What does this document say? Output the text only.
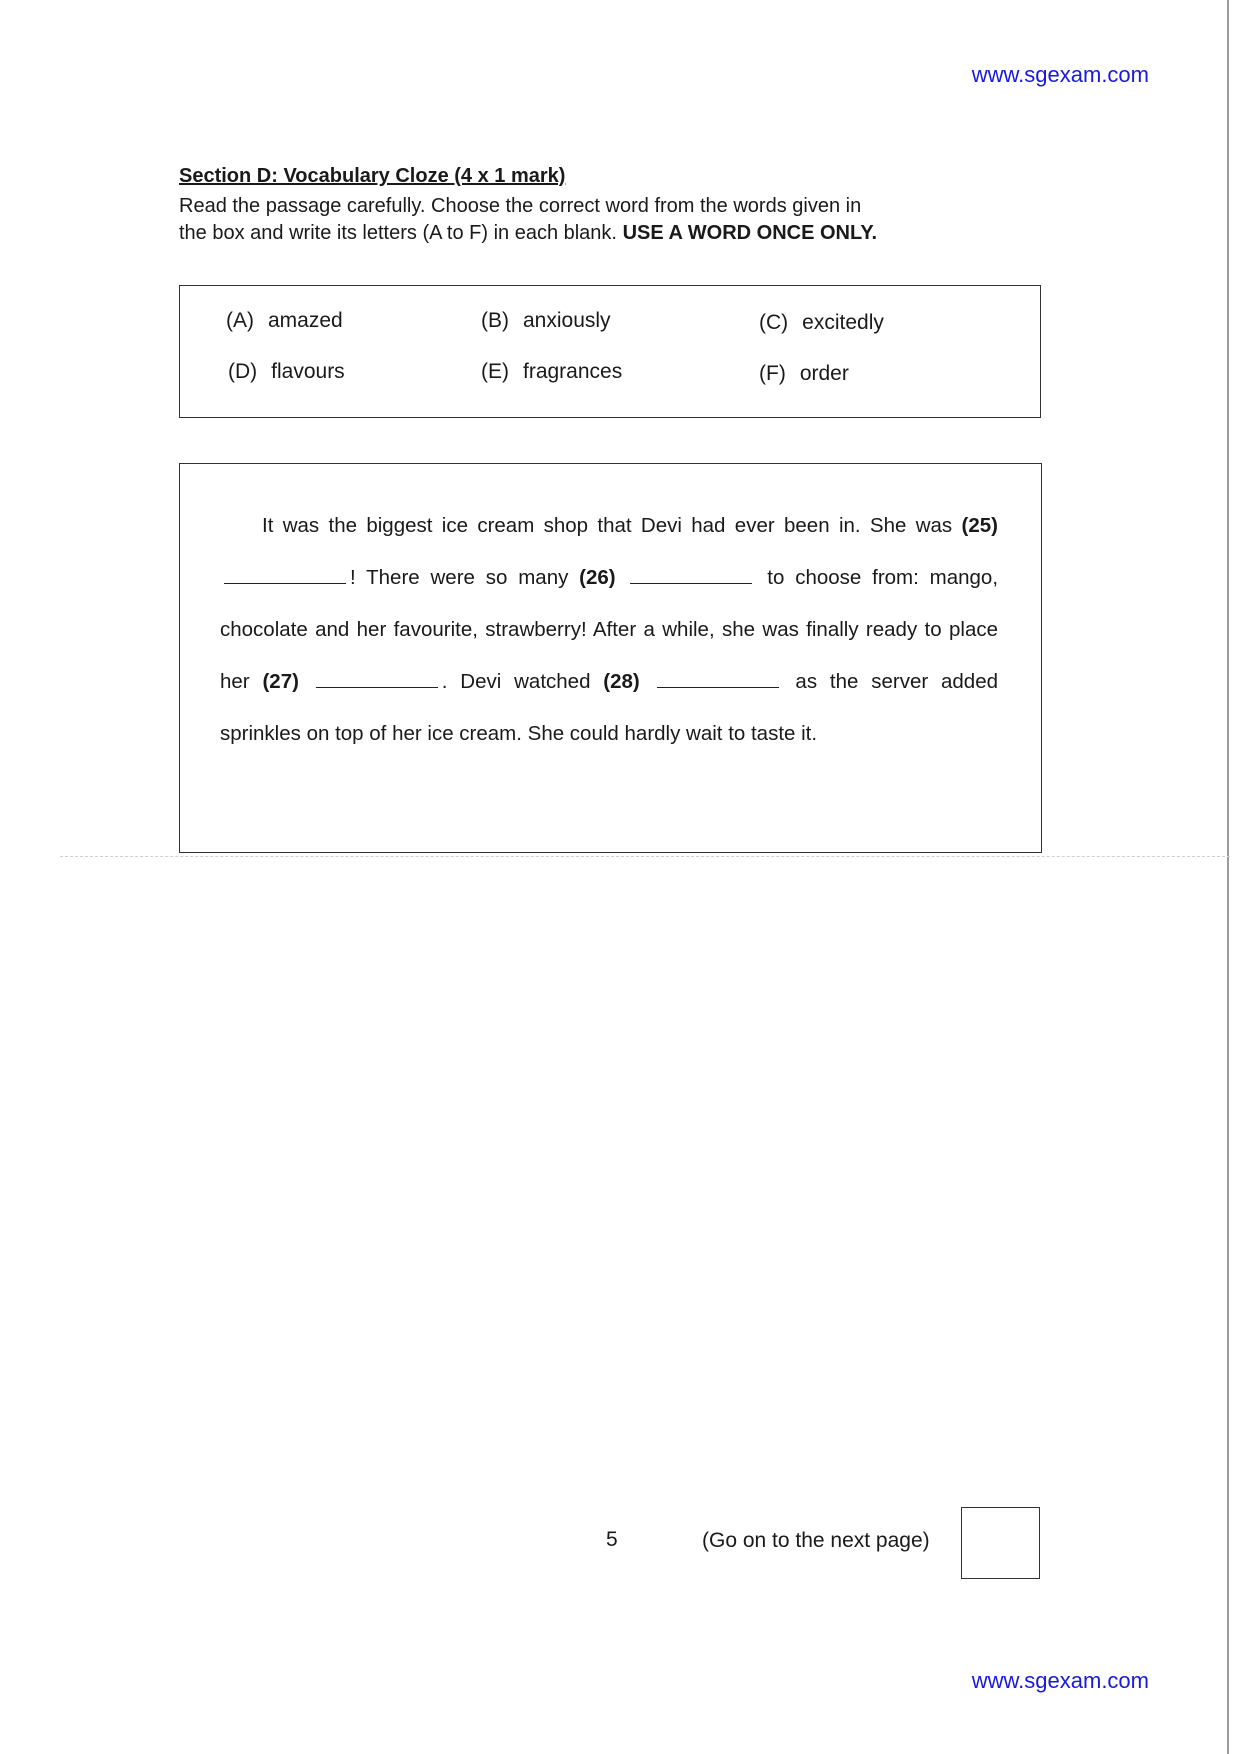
www.sgexam.com
Section D: Vocabulary Cloze (4 x 1 mark)
Read the passage carefully. Choose the correct word from the words given in
the box and write its letters (A to F) in each blank. USE A WORD ONCE ONLY.
(A) amazed	(B) anxiously	(C) excitedly
(D) flavours	(E) fragrances	(F) order
It was the biggest ice cream shop that Devi had ever been in. She was (25) ! There were so many (26)	to choose from: mango, chocolate and her favourite, strawberry! After a while, she was finally ready to place her (27)	. Devi watched (28)	as the server added sprinkles on top of her ice cream. She could hardly wait to taste it.
5	(Go on to the next page)
www.sgexam.com
